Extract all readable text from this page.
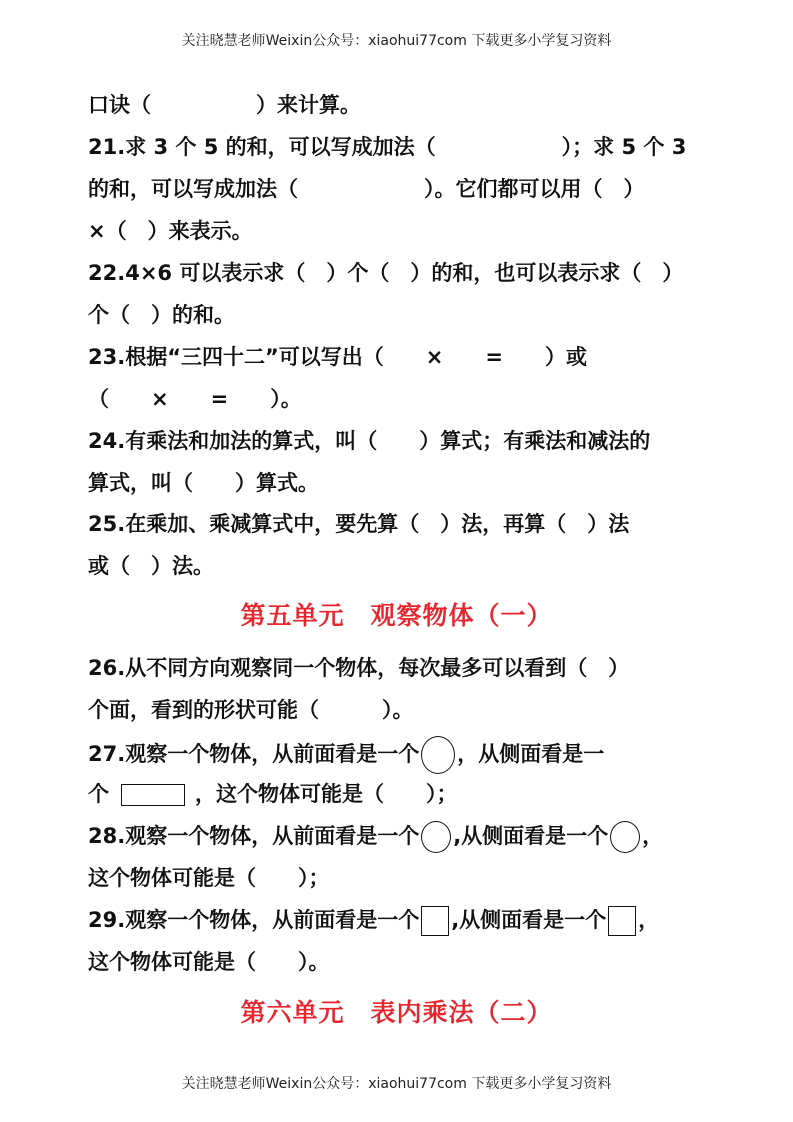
关注晓慧老师Weixin公众号：xiaohui77com 下载更多小学复习资料
口诀（　　　　　）来计算。
21.求 3 个 5 的和，可以写成加法（　　　　　　）；求 5 个 3
的和，可以写成加法（　　　　　　）。它们都可以用（　）
×（　）来表示。
22.4×6 可以表示求（　）个（　）的和，也可以表示求（　）
个（　）的和。
23.根据“三四十二”可以写出（　　×　　=　　）或
（　　×　　=　　）。
24.有乘法和加法的算式，叫（　　）算式；有乘法和减法的
算式，叫（　　）算式。
25.在乘加、乘减算式中，要先算（　）法，再算（　）法
或（　）法。
第五单元　观察物体（一）
26.从不同方向观察同一个物体，每次最多可以看到（　）
个面，看到的形状可能（　　　）。
27.观察一个物体，从前面看是一个 ，从侧面看是一
个	，这个物体可能是（　　）；
28.观察一个物体，从前面看是一个 ,从侧面看是一个 ，
这个物体可能是（　　）；
29.观察一个物体，从前面看是一个 ,从侧面看是一个 ，
这个物体可能是（　　）。
第六单元　表内乘法（二）
关注晓慧老师Weixin公众号：xiaohui77com 下载更多小学复习资料
